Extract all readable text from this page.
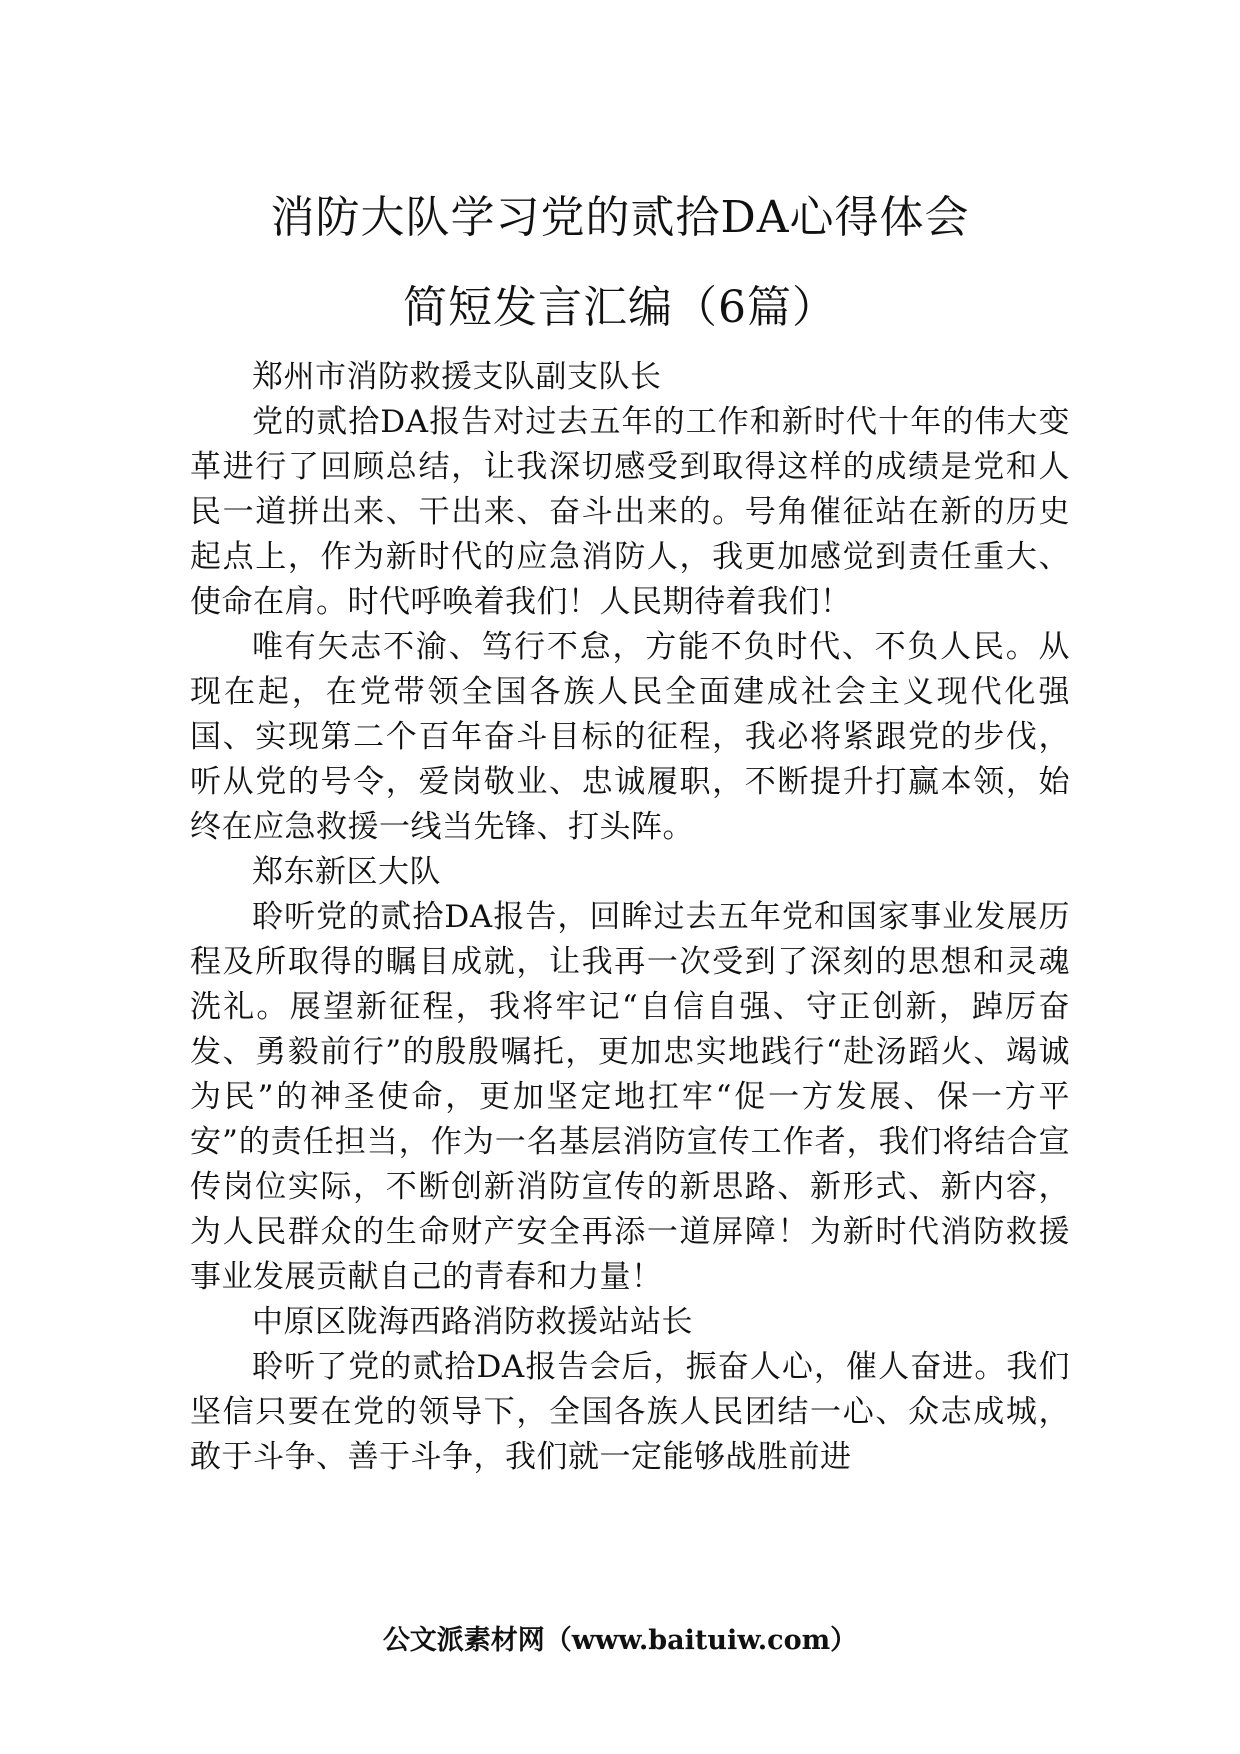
消防大队学习党的贰拾DA心得体会
简短发言汇编（6篇）

郑州市消防救援支队副支队长

党的贰拾DA报告对过去五年的工作和新时代十年的伟大变革进行了回顾总结，让我深切感受到取得这样的成绩是党和人民一道拼出来、干出来、奋斗出来的。号角催征站在新的历史起点上，作为新时代的应急消防人，我更加感觉到责任重大、使命在肩。时代呼唤着我们！人民期待着我们！

唯有矢志不渝、笃行不怠，方能不负时代、不负人民。从现在起，在党带领全国各族人民全面建成社会主义现代化强国、实现第二个百年奋斗目标的征程，我必将紧跟党的步伐，听从党的号令，爱岗敬业、忠诚履职，不断提升打赢本领，始终在应急救援一线当先锋、打头阵。

郑东新区大队

聆听党的贰拾DA报告，回眸过去五年党和国家事业发展历程及所取得的瞩目成就，让我再一次受到了深刻的思想和灵魂洗礼。展望新征程，我将牢记“自信自强、守正创新，踔厉奋发、勇毅前行”的殷殷嘱托，更加忠实地践行“赴汤蹈火、竭诚为民”的神圣使命，更加坚定地扛牢“促一方发展、保一方平安”的责任担当，作为一名基层消防宣传工作者，我们将结合宣传岗位实际，不断创新消防宣传的新思路、新形式、新内容，为人民群众的生命财产安全再添一道屏障！为新时代消防救援事业发展贡献自己的青春和力量！

中原区陇海西路消防救援站站长

聆听了党的贰拾DA报告会后，振奋人心，催人奋进。我们坚信只要在党的领导下，全国各族人民团结一心、众志成城，敢于斗争、善于斗争，我们就一定能够战胜前进

公文派素材网（www.baituiw.com）
